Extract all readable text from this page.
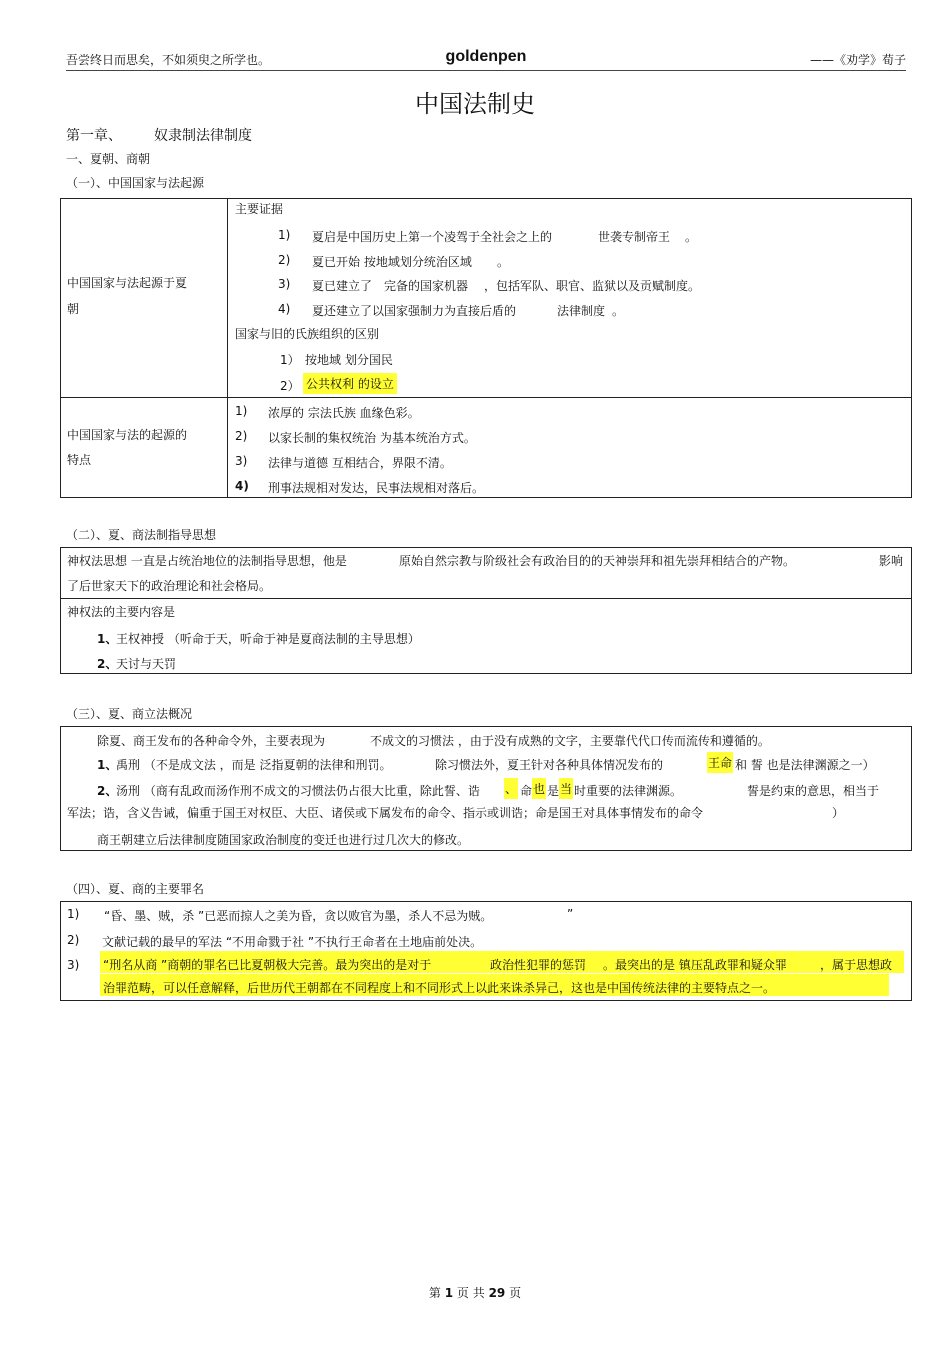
吾尝终日而思矣，不如须臾之所学也。	goldenpen	——《劝学》荀子
中国法制史
第一章、 奴隶制法律制度
一、夏朝、商朝
（一）、中国国家与法起源
中国国家与法起源于夏
朝
主要证据
1) 夏启是中国历史上第一个凌驾于全社会之上的	世袭专制帝王 。
2) 夏已开始 按地域划分统治区域 。
3) 夏已建立了 完备的国家机器 ，包括军队、职官、监狱以及贡赋制度。
4) 夏还建立了以国家强制力为直接后盾的	法律制度 。
国家与旧的氏族组织的区别
1） 按地域 划分国民
2） 公共权利 的设立
中国国家与法的起源的
特点
1) 浓厚的 宗法氏族 血缘色彩。
2) 以家长制的集权统治 为基本统治方式。
3) 法律与道德 互相结合，界限不清。
4) 刑事法规相对发达，民事法规相对落后。
（二）、夏、商法制指导思想
神权法思想 一直是占统治地位的法制指导思想，他是	原始自然宗教与阶级社会有政治目的的天神崇拜和祖先崇拜相结合的产物。	影响
了后世家天下的政治理论和社会格局。
神权法的主要内容是
1、
王权神授 （听命于天，听命于神是夏商法制的主导思想）
2、
天讨与天罚
（三）、夏、商立法概况
除夏、商王发布的各种命令外，主要表现为	不成文的习惯法 ，由于没有成熟的文字，主要靠代代口传而流传和遵循的。
1、
禹刑 （不是成文法 ，而是 泛指夏朝的法律和刑罚。	除习惯法外，夏王针对各种具体情况发布的	王命 和 誓 也是法律渊源之一）
2、
汤刑 （商有乱政而汤作刑不成文的习惯法仍占很大比重，除此誓、诰 、 命 也 是 当 时重要的法律渊源。	誓是约束的意思，相当于
军法；诰，含义告诫，偏重于国王对权臣、大臣、诸侯或下属发布的命令、指示或训诰；命是国王对具体事情发布的命令	）
商王朝建立后法律制度随国家政治制度的变迁也进行过几次大的修改。
（四）、夏、商的主要罪名
1) “昏、墨、贼，杀 ”已恶而掠人之美为昏，贪以败官为墨，杀人不忌为贼。	”
2) 文献记载的最早的军法 “不用命戮于社 ”不执行王命者在土地庙前处决。
3) “刑名从商 ”商朝的罪名已比夏朝极大完善。最为突出的是对于	政治性犯罪的惩罚 。最突出的是 镇压乱政罪和疑众罪	，属于思想政
治罪范畴，可以任意解释，后世历代王朝都在不同程度上和不同形式上以此来诛杀异己，这也是中国传统法律的主要特点之一。
第 1 页 共 29 页
